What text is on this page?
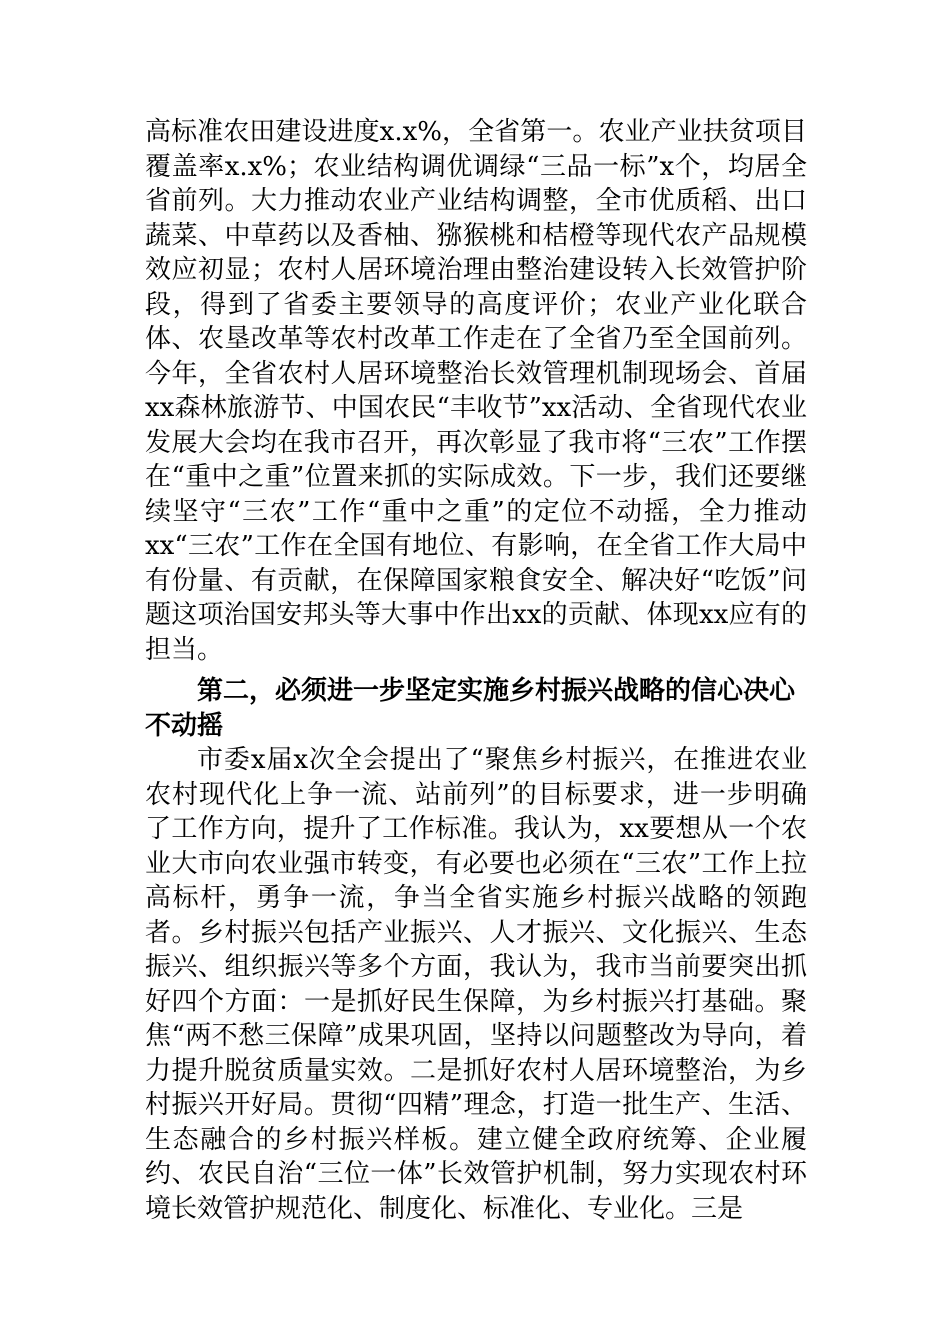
高标准农田建设进度x.x%，全省第一。农业产业扶贫项目覆盖率x.x%；农业结构调优调绿“三品一标”x个，均居全省前列。大力推动农业产业结构调整，全市优质稻、出口蔬菜、中草药以及香柚、猕猴桃和桔橙等现代农产品规模效应初显；农村人居环境治理由整治建设转入长效管护阶段，得到了省委主要领导的高度评价；农业产业化联合体、农垦改革等农村改革工作走在了全省乃至全国前列。今年，全省农村人居环境整治长效管理机制现场会、首届xx森林旅游节、中国农民“丰收节”xx活动、全省现代农业发展大会均在我市召开，再次彰显了我市将“三农”工作摆在“重中之重”位置来抓的实际成效。下一步，我们还要继续坚守“三农”工作“重中之重”的定位不动摇，全力推动xx“三农”工作在全国有地位、有影响，在全省工作大局中有份量、有贡献，在保障国家粮食安全、解决好“吃饭”问题这项治国安邦头等大事中作出xx的贡献、体现xx应有的担当。

第二，必须进一步坚定实施乡村振兴战略的信心决心不动摇

市委x届x次全会提出了“聚焦乡村振兴，在推进农业农村现代化上争一流、站前列”的目标要求，进一步明确了工作方向，提升了工作标准。我认为，xx要想从一个农业大市向农业强市转变，有必要也必须在“三农”工作上拉高标杆，勇争一流，争当全省实施乡村振兴战略的领跑者。乡村振兴包括产业振兴、人才振兴、文化振兴、生态振兴、组织振兴等多个方面，我认为，我市当前要突出抓好四个方面：一是抓好民生保障，为乡村振兴打基础。聚焦“两不愁三保障”成果巩固，坚持以问题整改为导向，着力提升脱贫质量实效。二是抓好农村人居环境整治，为乡村振兴开好局。贯彻“四精”理念，打造一批生产、生活、生态融合的乡村振兴样板。建立健全政府统筹、企业履约、农民自治“三位一体”长效管护机制，努力实现农村环境长效管护规范化、制度化、标准化、专业化。三是
